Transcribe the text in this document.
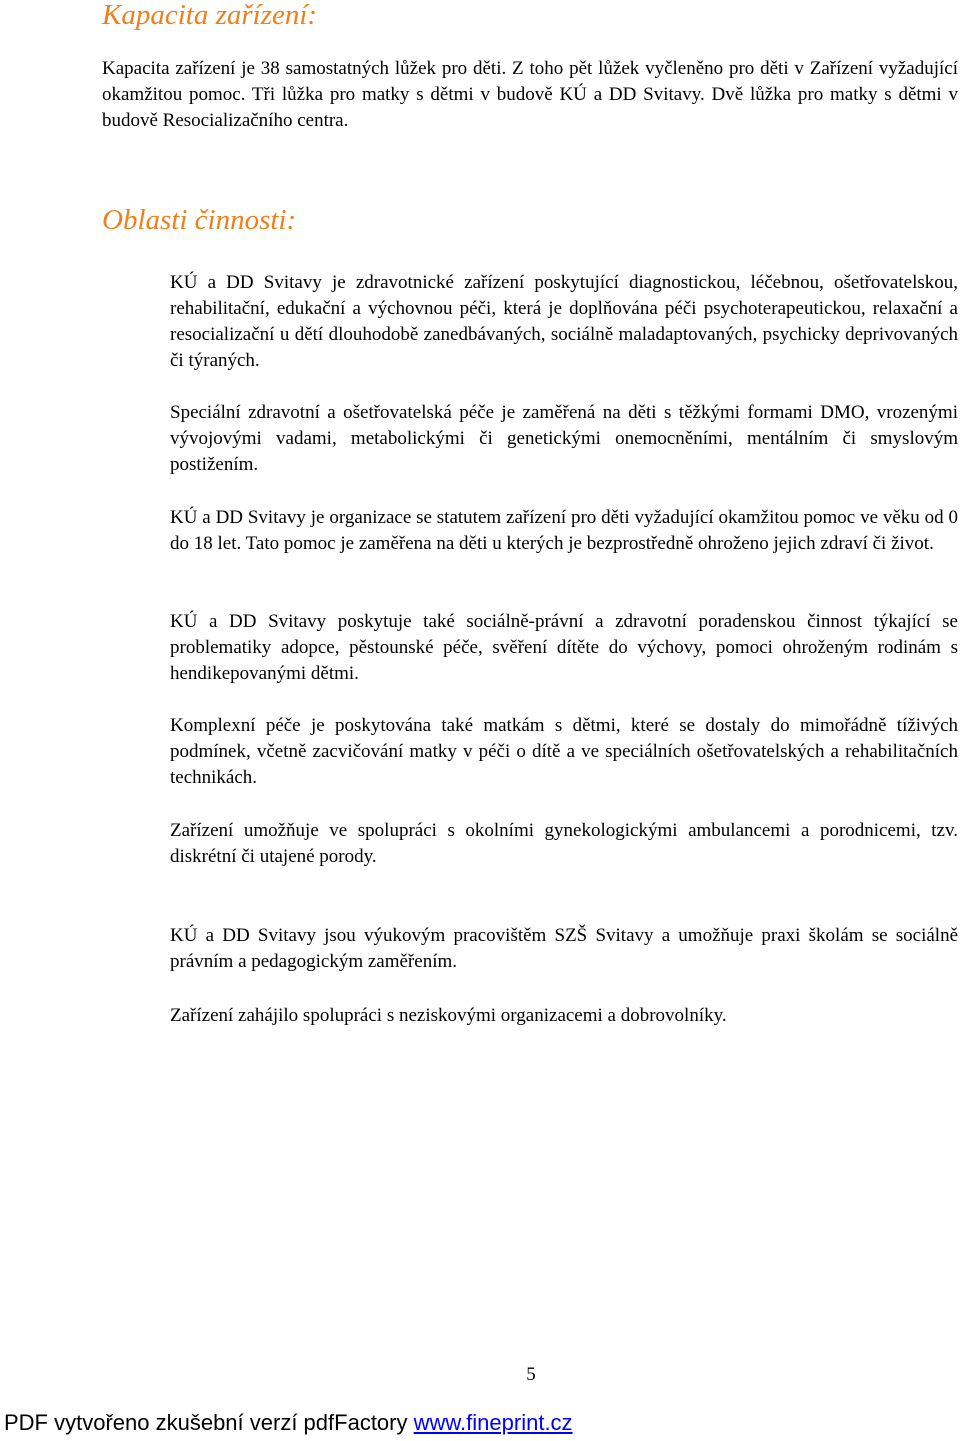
Kapacita zařízení:

Kapacita zařízení je 38 samostatných lůžek pro děti. Z toho pět lůžek vyčleněno pro děti v Zařízení vyžadující okamžitou pomoc. Tři lůžka pro matky s dětmi v budově KÚ a DD Svitavy. Dvě lůžka pro matky s dětmi v budově Resocializačního centra.

Oblasti činnosti:

KÚ a DD Svitavy je zdravotnické zařízení poskytující diagnostickou, léčebnou, ošetřovatelskou, rehabilitační, edukační a výchovnou péči, která je doplňována péči psychoterapeutickou, relaxační a resocializační u dětí dlouhodobě zanedbávaných, sociálně maladaptovaných, psychicky deprivovaných či týraných.

Speciální zdravotní a ošetřovatelská péče je zaměřená na děti s těžkými formami DMO, vrozenými vývojovými vadami, metabolickými či genetickými onemocněními, mentálním či smyslovým postižením.

KÚ a DD Svitavy je organizace se statutem zařízení pro děti vyžadující okamžitou pomoc ve věku od 0 do 18 let. Tato pomoc je zaměřena na děti u kterých je bezprostředně ohroženo jejich zdraví či život.

KÚ a DD Svitavy poskytuje také sociálně-právní a zdravotní poradenskou činnost týkající se problematiky adopce, pěstounské péče, svěření dítěte do výchovy, pomoci ohroženým rodinám s hendikepovanými dětmi.

Komplexní péče je poskytována také matkám s dětmi, které se dostaly do mimořádně tíživých podmínek, včetně zacvičování matky v péči o dítě a ve speciálních ošetřovatelských a rehabilitačních technikách.

Zařízení umožňuje ve spolupráci s okolními gynekologickými ambulancemi a porodnicemi, tzv. diskrétní či utajené porody.

KÚ a DD Svitavy jsou výukovým pracovištěm SZŠ Svitavy a umožňuje praxi školám se sociálně právním a pedagogickým zaměřením.

Zařízení zahájilo spolupráci s neziskovými organizacemi a dobrovolníky.

5
PDF vytvořeno zkušební verzí pdfFactory www.fineprint.cz
